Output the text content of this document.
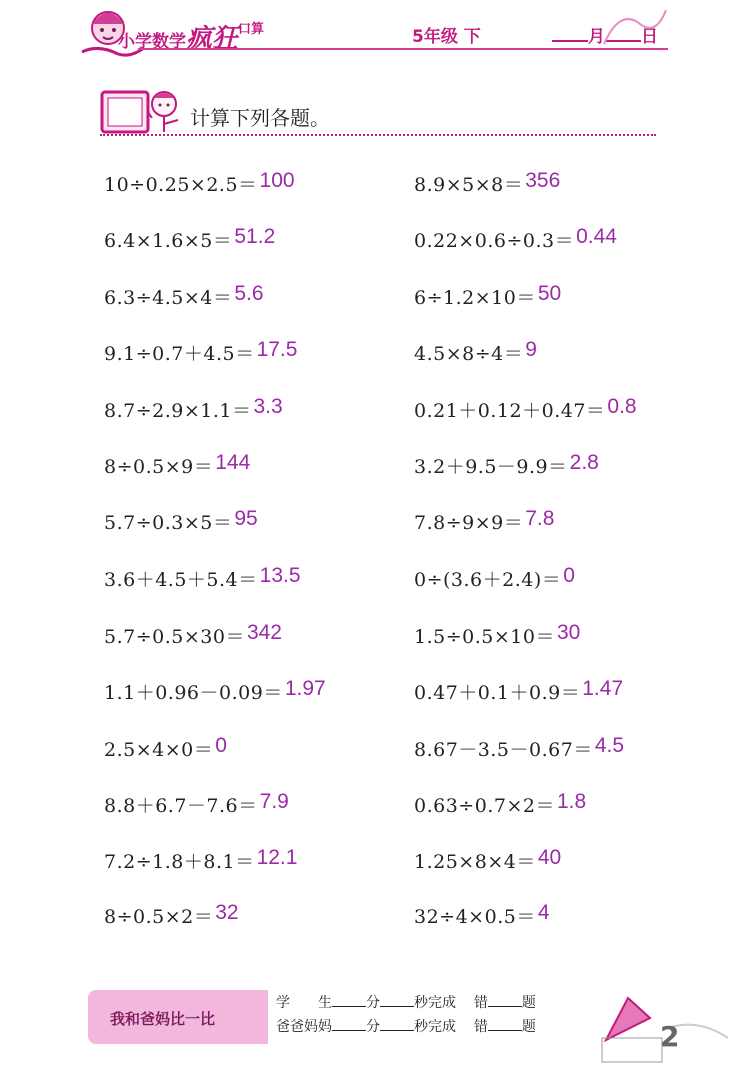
小学数学疯狂$^{口算}$	5年级 下	月 日
计算下列各题。
10÷0.25×2.5＝100
6.4×1.6×5＝51.2
6.3÷4.5×4＝5.6
9.1÷0.7＋4.5＝17.5
8.7÷2.9×1.1＝3.3
8÷0.5×9＝144
5.7÷0.3×5＝95
3.6＋4.5＋5.4＝13.5
5.7÷0.5×30＝342
1.1＋0.96－0.09＝1.97
2.5×4×0＝0
8.8＋6.7－7.6＝7.9
7.2÷1.8＋8.1＝12.1
8÷0.5×2＝32
8.9×5×8＝356
0.22×0.6÷0.3＝0.44
6÷1.2×10＝50
4.5×8÷4＝9
0.21＋0.12＋0.47＝0.8
3.2＋9.5－9.9＝2.8
7.8÷9×9＝7.8
0÷(3.6＋2.4)＝0
1.5÷0.5×10＝30
0.47＋0.1＋0.9＝1.47
8.67－3.5－0.67＝4.5
0.63÷0.7×2＝1.8
1.25×8×4＝40
32÷4×0.5＝4
我和爸妈比一比
学　　生 分 秒完成 错 题
爸爸妈妈 分 秒完成 错 题	2
